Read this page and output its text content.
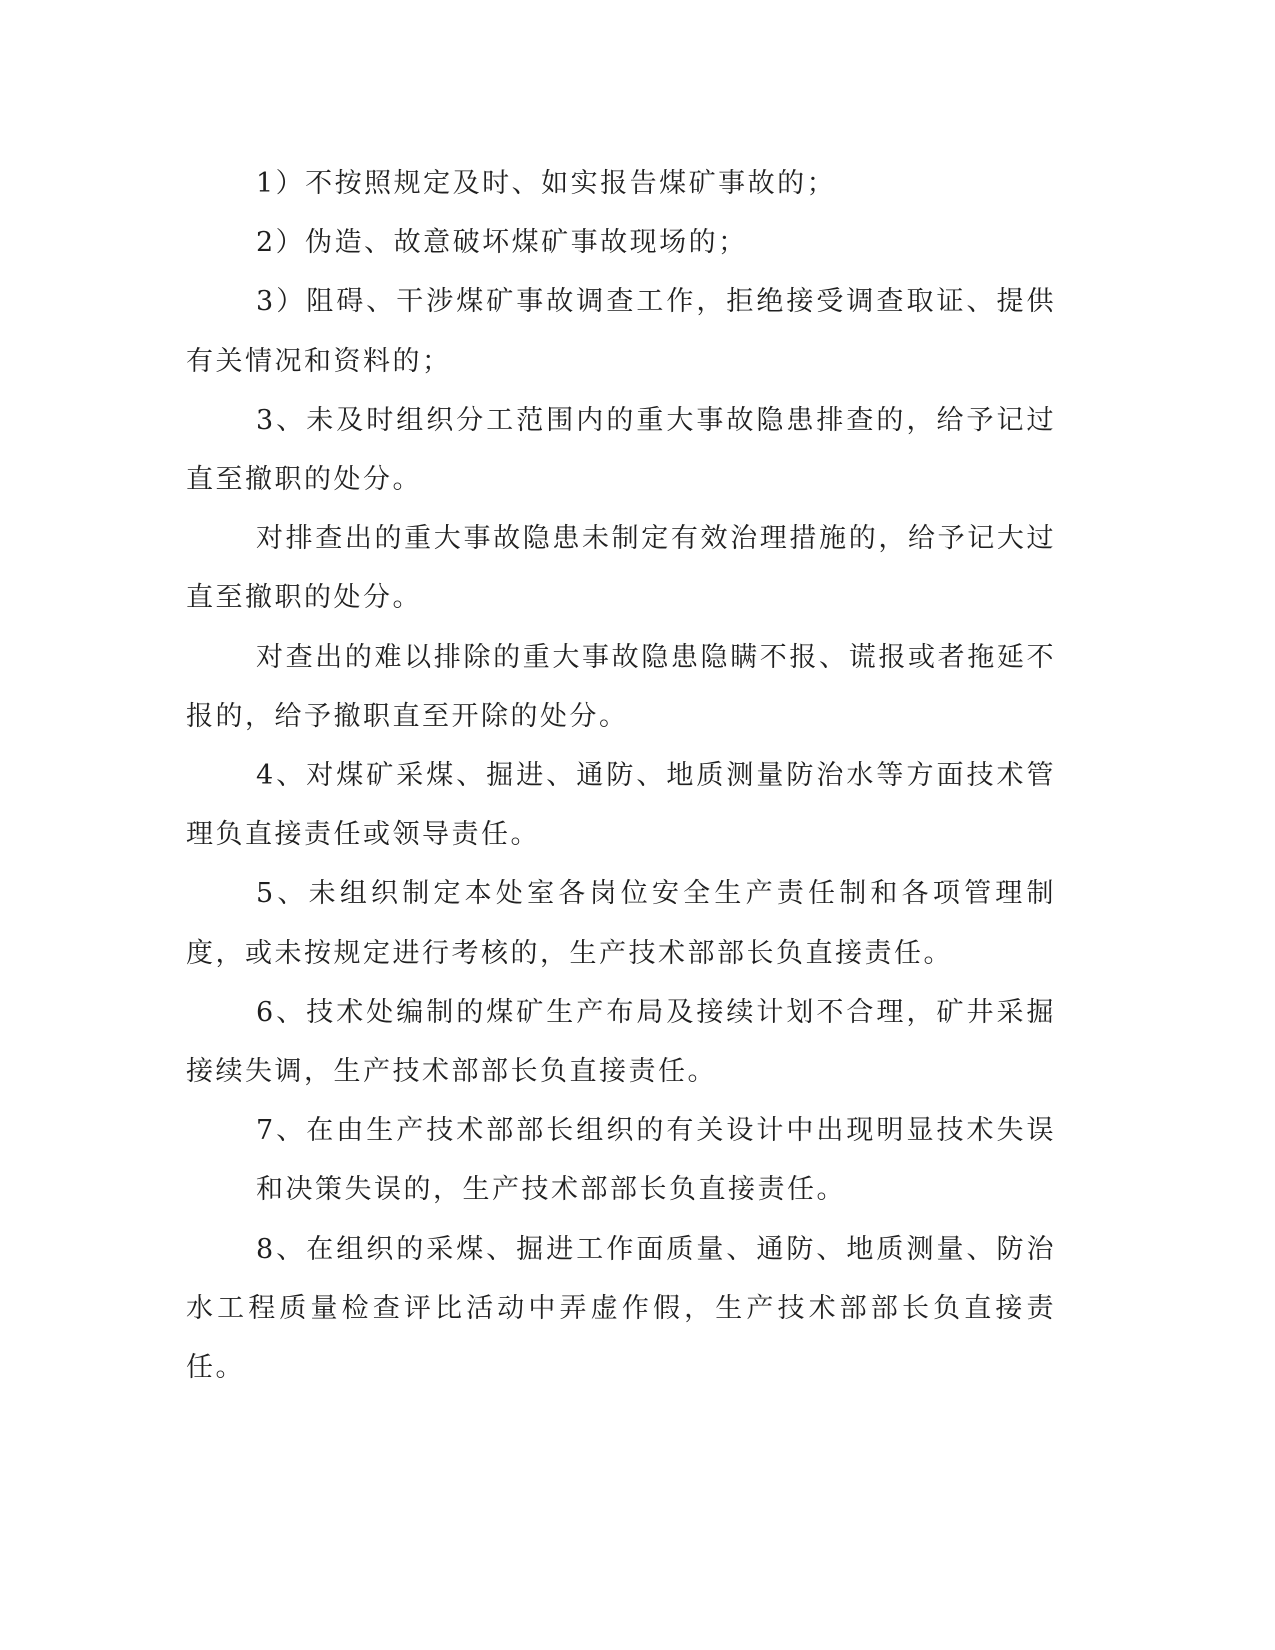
1）不按照规定及时、如实报告煤矿事故的；

2）伪造、故意破坏煤矿事故现场的；

3）阻碍、干涉煤矿事故调查工作，拒绝接受调查取证、提供有关情况和资料的；

3、未及时组织分工范围内的重大事故隐患排查的，给予记过直至撤职的处分。

对排查出的重大事故隐患未制定有效治理措施的，给予记大过直至撤职的处分。

对查出的难以排除的重大事故隐患隐瞒不报、谎报或者拖延不报的，给予撤职直至开除的处分。

4、对煤矿采煤、掘进、通防、地质测量防治水等方面技术管理负直接责任或领导责任。

5、未组织制定本处室各岗位安全生产责任制和各项管理制度，或未按规定进行考核的，生产技术部部长负直接责任。

6、技术处编制的煤矿生产布局及接续计划不合理，矿井采掘接续失调，生产技术部部长负直接责任。

7、在由生产技术部部长组织的有关设计中出现明显技术失误和决策失误的，生产技术部部长负直接责任。

8、在组织的采煤、掘进工作面质量、通防、地质测量、防治水工程质量检查评比活动中弄虚作假，生产技术部部长负直接责任。
